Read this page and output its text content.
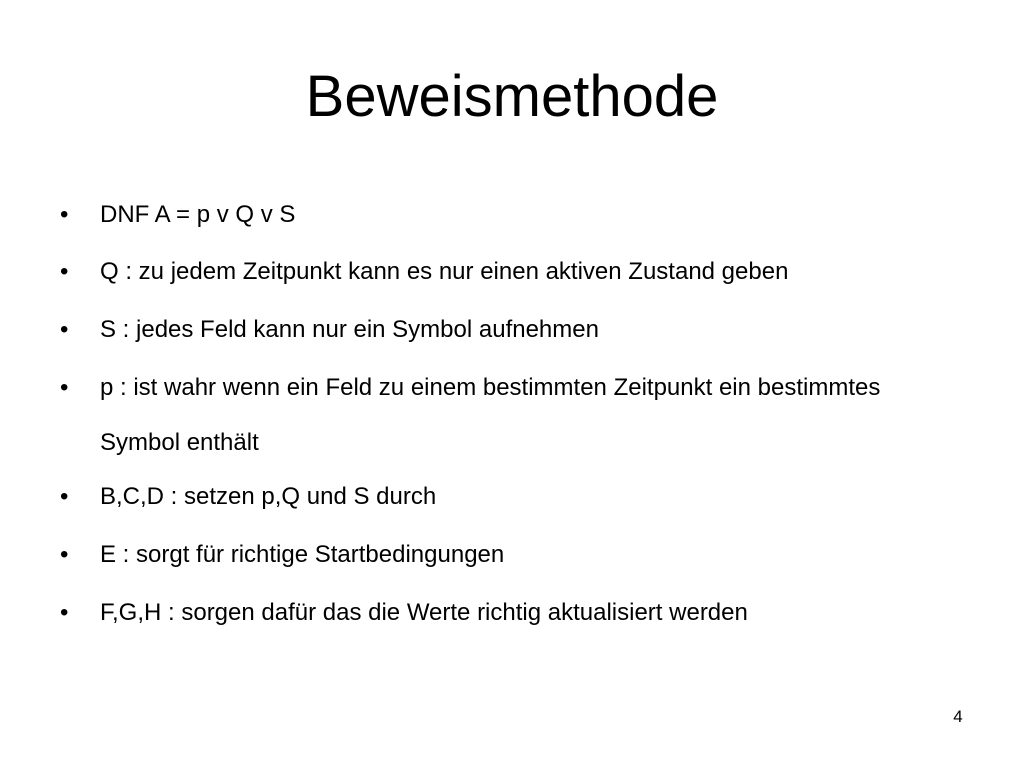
Beweismethode
• DNF A = p v Q v S
• Q : zu jedem Zeitpunkt kann es nur einen aktiven Zustand geben
• S : jedes Feld kann nur ein Symbol aufnehmen
• p : ist wahr wenn ein Feld zu einem bestimmten Zeitpunkt ein bestimmtes Symbol enthält
• B,C,D : setzen p,Q und S durch
• E : sorgt für richtige Startbedingungen
• F,G,H : sorgen dafür das die Werte richtig aktualisiert werden
4
